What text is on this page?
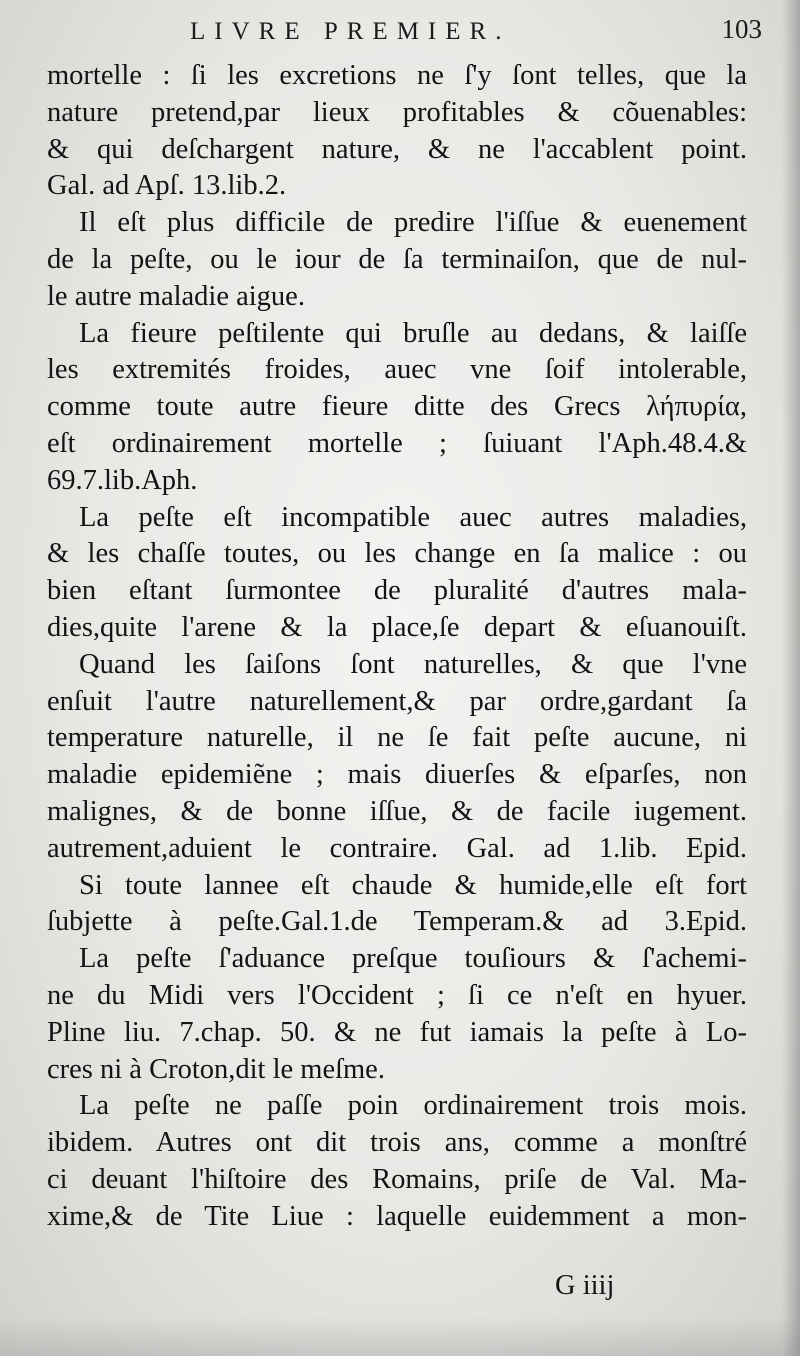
LIVRE PREMIER.	103
mortelle : ſi les excretions ne ſ'y ſont telles, que la
nature pretend,par lieux profitables & cõuenables:
& qui deſchargent nature, & ne l'accablent point.
Gal. ad Apſ. 13.lib.2.
Il eſt plus difficile de predire l'iſſue & euenement
de la peſte, ou le iour de ſa terminaiſon, que de nul-
le autre maladie aigue.
La fieure peſtilente qui bruſle au dedans, & laiſſe
les extremités froides, auec vne ſoif intolerable,
comme toute autre fieure ditte des Grecs λήπυρία,
eſt ordinairement mortelle ; ſuiuant l'Aph.48.4.&
69.7.lib.Aph.
La peſte eſt incompatible auec autres maladies,
& les chaſſe toutes, ou les change en ſa malice : ou
bien eſtant ſurmontee de pluralité d'autres mala-
dies,quite l'arene & la place,ſe depart & eſuanouiſt.
Quand les ſaiſons ſont naturelles, & que l'vne
enſuit l'autre naturellement,& par ordre,gardant ſa
temperature naturelle, il ne ſe fait peſte aucune, ni
maladie epidemiẽne ; mais diuerſes & eſparſes, non
malignes, & de bonne iſſue, & de facile iugement.
autrement,aduient le contraire. Gal. ad 1.lib. Epid.
Si toute lannee eſt chaude & humide,elle eſt fort
ſubjette à peſte.Gal.1.de Temperam.& ad 3.Epid.
La peſte ſ'aduance preſque touſiours & ſ'achemi-
ne du Midi vers l'Occident ; ſi ce n'eſt en hyuer.
Pline liu. 7.chap. 50. & ne fut iamais la peſte à Lo-
cres ni à Croton,dit le meſme.
La peſte ne paſſe poin ordinairement trois mois.
ibidem. Autres ont dit trois ans, comme a monſtré
ci deuant l'hiſtoire des Romains, priſe de Val. Ma-
xime,& de Tite Liue : laquelle euidemment a mon-
G iiij
